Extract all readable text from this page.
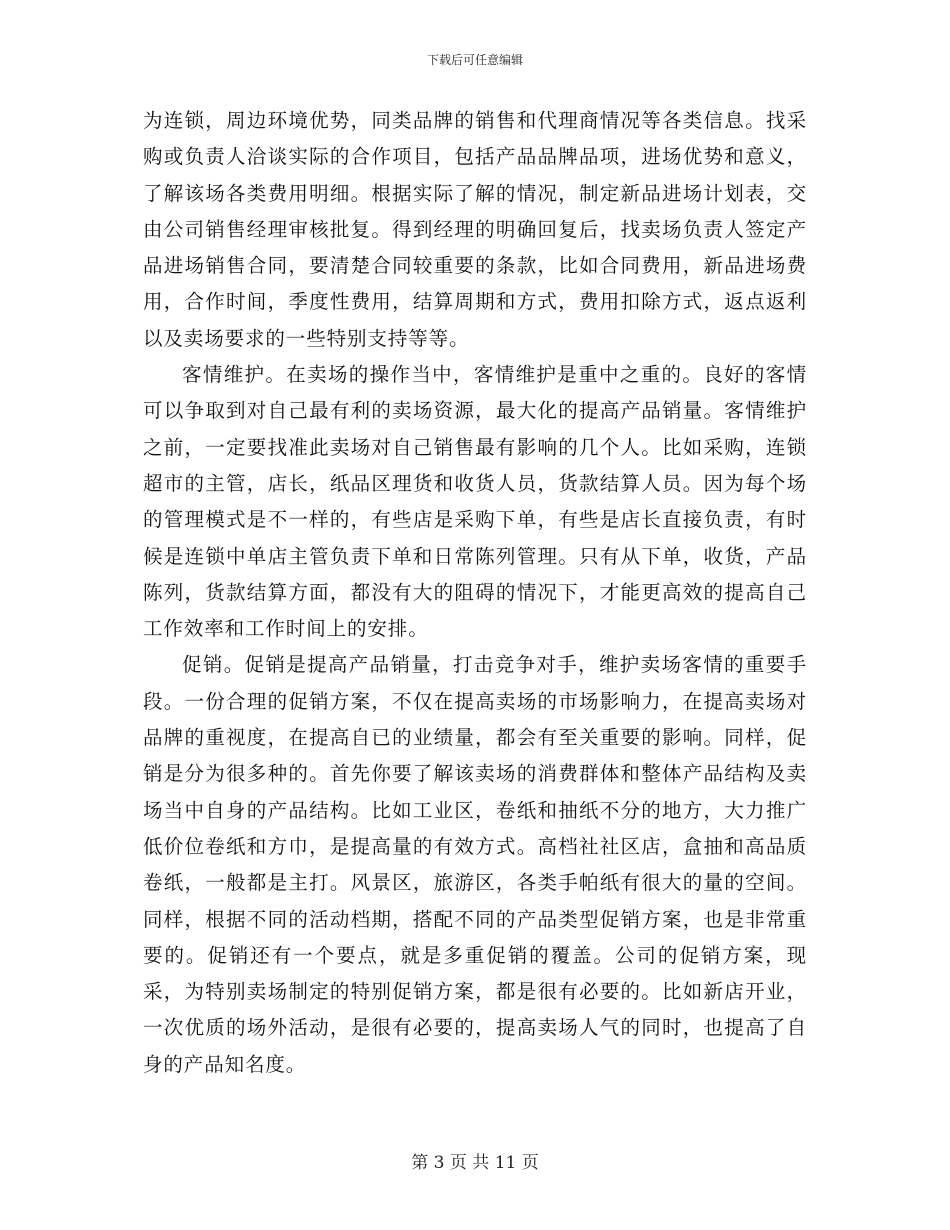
下载后可任意编辑

为连锁，周边环境优势，同类品牌的销售和代理商情况等各类信息。找采购或负责人洽谈实际的合作项目，包括产品品牌品项，进场优势和意义，了解该场各类费用明细。根据实际了解的情况，制定新品进场计划表，交由公司销售经理审核批复。得到经理的明确回复后，找卖场负责人签定产品进场销售合同，要清楚合同较重要的条款，比如合同费用，新品进场费用，合作时间，季度性费用，结算周期和方式，费用扣除方式，返点返利以及卖场要求的一些特别支持等等。

客情维护。在卖场的操作当中，客情维护是重中之重的。良好的客情可以争取到对自己最有利的卖场资源，最大化的提高产品销量。客情维护之前，一定要找准此卖场对自己销售最有影响的几个人。比如采购，连锁超市的主管，店长，纸品区理货和收货人员，货款结算人员。因为每个场的管理模式是不一样的，有些店是采购下单，有些是店长直接负责，有时候是连锁中单店主管负责下单和日常陈列管理。只有从下单，收货，产品陈列，货款结算方面，都没有大的阻碍的情况下，才能更高效的提高自己工作效率和工作时间上的安排。

促销。促销是提高产品销量，打击竞争对手，维护卖场客情的重要手段。一份合理的促销方案，不仅在提高卖场的市场影响力，在提高卖场对品牌的重视度，在提高自已的业绩量，都会有至关重要的影响。同样，促销是分为很多种的。首先你要了解该卖场的消费群体和整体产品结构及卖场当中自身的产品结构。比如工业区，卷纸和抽纸不分的地方，大力推广低价位卷纸和方巾，是提高量的有效方式。高档社社区店，盒抽和高品质卷纸，一般都是主打。风景区，旅游区，各类手帕纸有很大的量的空间。同样，根据不同的活动档期，搭配不同的产品类型促销方案，也是非常重要的。促销还有一个要点，就是多重促销的覆盖。公司的促销方案，现采，为特别卖场制定的特别促销方案，都是很有必要的。比如新店开业，一次优质的场外活动，是很有必要的，提高卖场人气的同时，也提高了自身的产品知名度。

第 3 页 共 11 页
